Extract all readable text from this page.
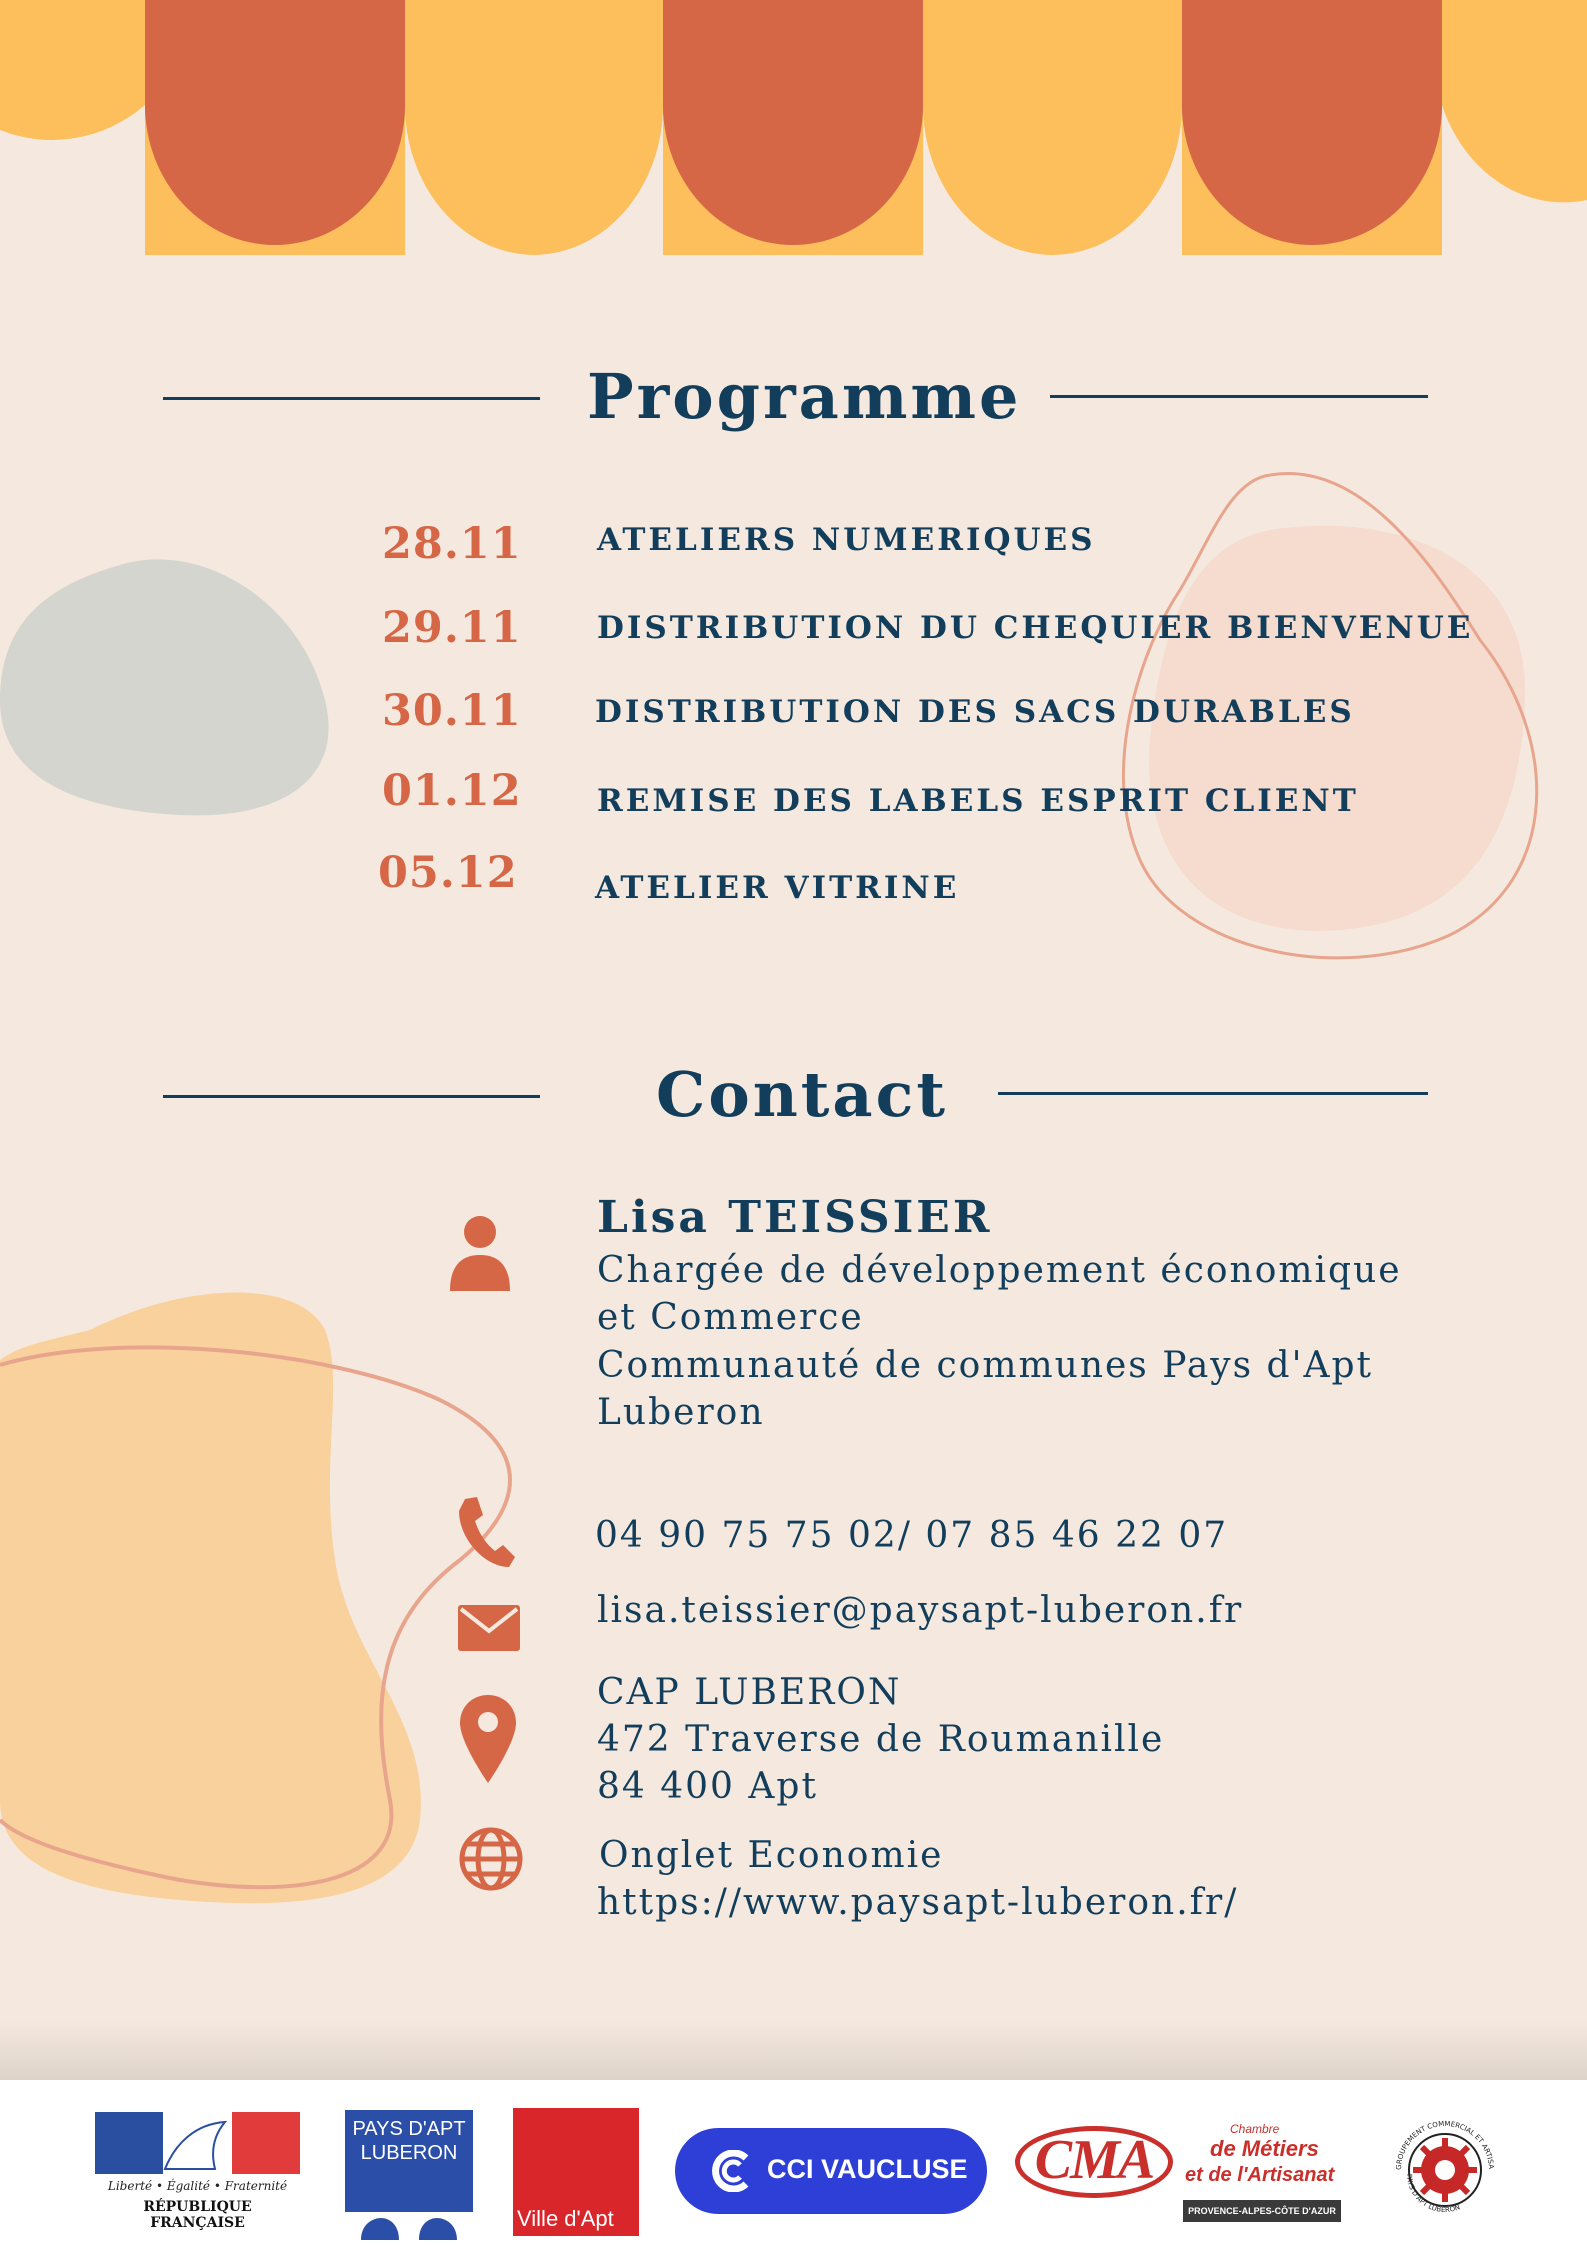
Programme
28.11 ATELIERS NUMERIQUES
29.11 DISTRIBUTION DU CHEQUIER BIENVENUE
30.11 DISTRIBUTION DES SACS DURABLES
01.12 REMISE DES LABELS ESPRIT CLIENT
05.12 ATELIER VITRINE
Contact
Lisa TEISSIER
Chargée de développement économique
et Commerce
Communauté de communes Pays d'Apt
Luberon
04 90 75 75 02/ 07 85 46 22 07
lisa.teissier@paysapt-luberon.fr
CAP LUBERON
472 Traverse de Roumanille
84 400 Apt
Onglet Economie
https://www.paysapt-luberon.fr/
Liberté • Égalité • Fraternité
RÉPUBLIQUE FRANÇAISE
PAYS D'APT
LUBERON
Ville d'Apt
CCI VAUCLUSE CMA	Chambre
de Métiers
et de l'Artisanat
PROVENCE-ALPES-CÔTE D'AZUR
GROUPEMENT COMMERCIAL ET ARTISA
PAYS D'APT LUBERON
